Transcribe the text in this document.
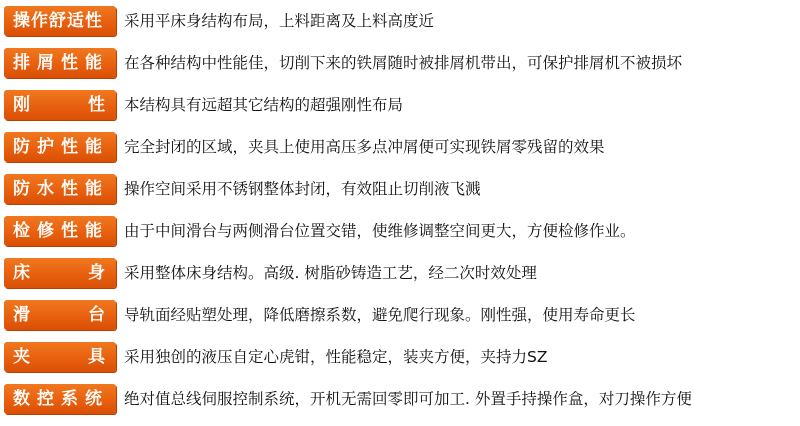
操作舒适性 采用平床身结构布局，上料距离及上料高度近
排屑性能 在各种结构中性能佳，切削下来的铁屑随时被排屑机带出，可保护排屑机不被损坏
刚性
本结构具有远超其它结构的超强刚性布局
防护性能 完全封闭的区域，夹具上使用高压多点冲屑便可实现铁屑零残留的效果
防水性能 操作空间采用不锈钢整体封闭，有效阻止切削液飞溅
检修性能 由于中间滑台与两侧滑台位置交错，使维修调整空间更大，方便检修作业。
床身
采用整体床身结构。高级. 树脂砂铸造工艺，经二次时效处理
滑台
导轨面经贴塑处理，降低磨擦系数，避免爬行现象。刚性强，使用寿命更长
夹具
采用独创的液压自定心虎钳，性能稳定，装夹方便，夹持力SZ
数控系统 绝对值总线伺服控制系统，开机无需回零即可加工. 外置手持操作盒，对刀操作方便
